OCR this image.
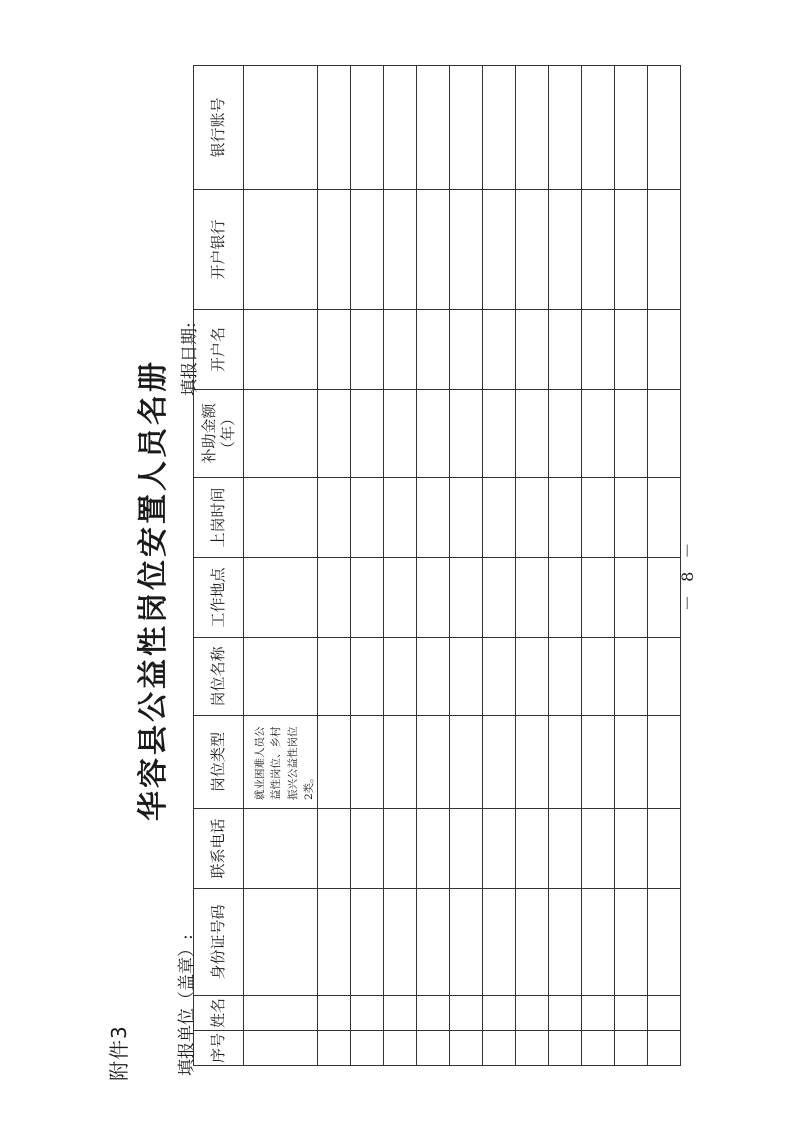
附件3
华容县公益性岗位安置人员名册
填报单位（盖章）:
填报日期:
序号	姓名	身份证号码	联系电话	岗位类型	岗位名称	工作地点	上岗时间	补助金额（年）	开户名	开户银行	银行账号
				就业困难人员公益性岗位、乡村振兴公益性岗位2类。							

－ 8 －
